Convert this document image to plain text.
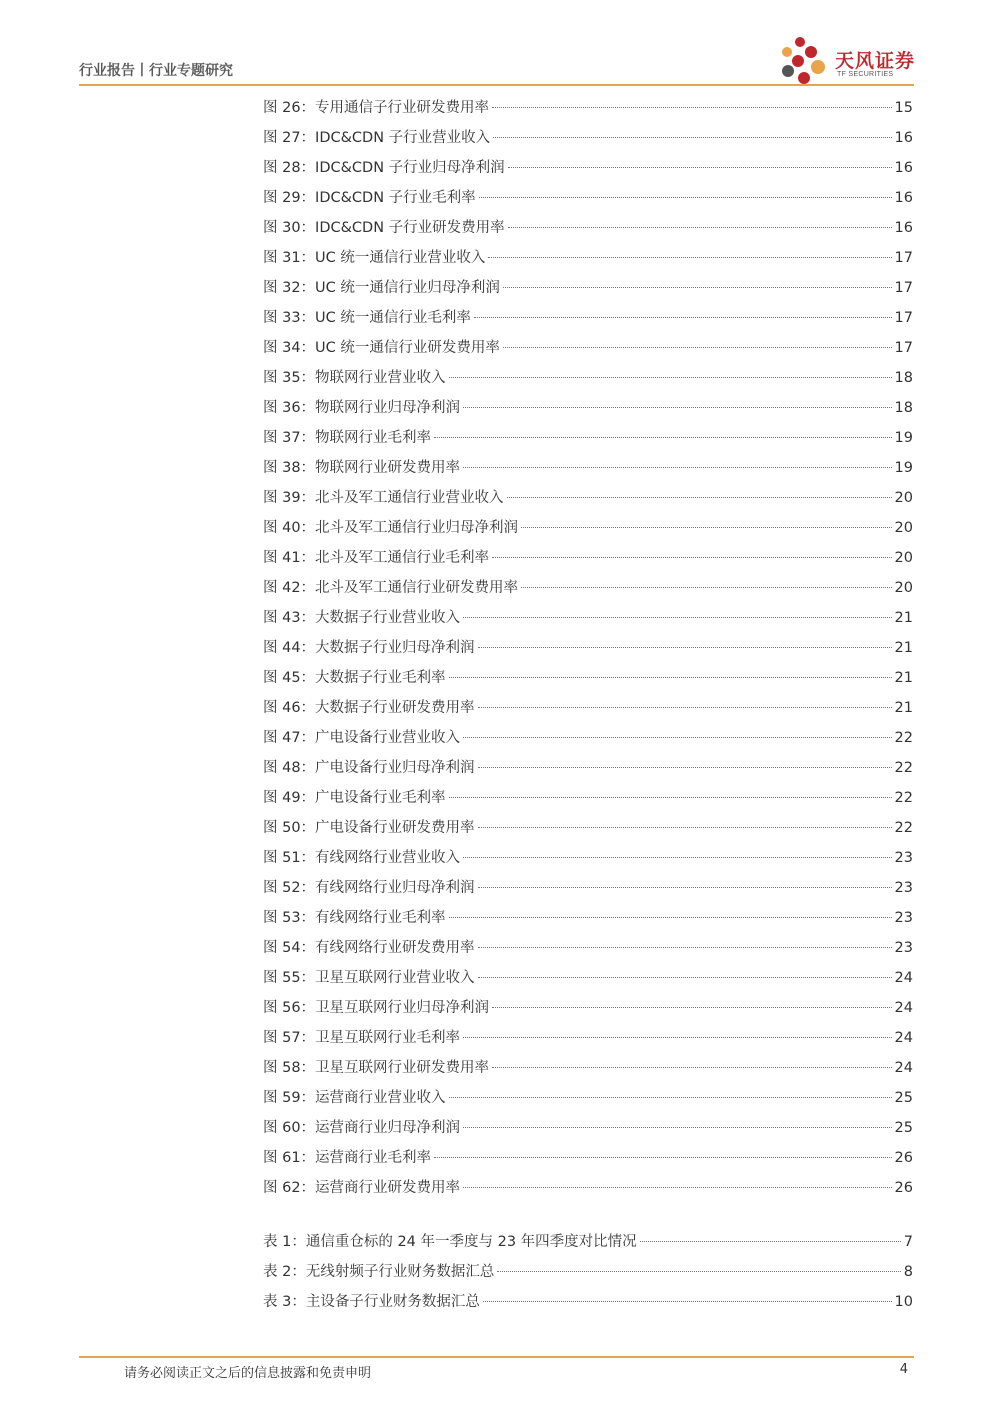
行业报告丨行业专题研究	天风证券
TF SECURITIES
图 26：专用通信子行业研发费用率	15
图 27：IDC&CDN 子行业营业收入	16
图 28：IDC&CDN 子行业归母净利润	16
图 29：IDC&CDN 子行业毛利率	16
图 30：IDC&CDN 子行业研发费用率	16
图 31：UC 统一通信行业营业收入	17
图 32：UC 统一通信行业归母净利润	17
图 33：UC 统一通信行业毛利率	17
图 34：UC 统一通信行业研发费用率	17
图 35：物联网行业营业收入	18
图 36：物联网行业归母净利润	18
图 37：物联网行业毛利率	19
图 38：物联网行业研发费用率	19
图 39：北斗及军工通信行业营业收入	20
图 40：北斗及军工通信行业归母净利润	20
图 41：北斗及军工通信行业毛利率	20
图 42：北斗及军工通信行业研发费用率	20
图 43：大数据子行业营业收入	21
图 44：大数据子行业归母净利润	21
图 45：大数据子行业毛利率	21
图 46：大数据子行业研发费用率	21
图 47：广电设备行业营业收入	22
图 48：广电设备行业归母净利润	22
图 49：广电设备行业毛利率	22
图 50：广电设备行业研发费用率	22
图 51：有线网络行业营业收入	23
图 52：有线网络行业归母净利润	23
图 53：有线网络行业毛利率	23
图 54：有线网络行业研发费用率	23
图 55：卫星互联网行业营业收入	24
图 56：卫星互联网行业归母净利润	24
图 57：卫星互联网行业毛利率	24
图 58：卫星互联网行业研发费用率	24
图 59：运营商行业营业收入	25
图 60：运营商行业归母净利润	25
图 61：运营商行业毛利率	26
图 62：运营商行业研发费用率	26
表 1：通信重仓标的 24 年一季度与 23 年四季度对比情况	7
表 2：无线射频子行业财务数据汇总	8
表 3：主设备子行业财务数据汇总	10
请务必阅读正文之后的信息披露和免责申明	4
